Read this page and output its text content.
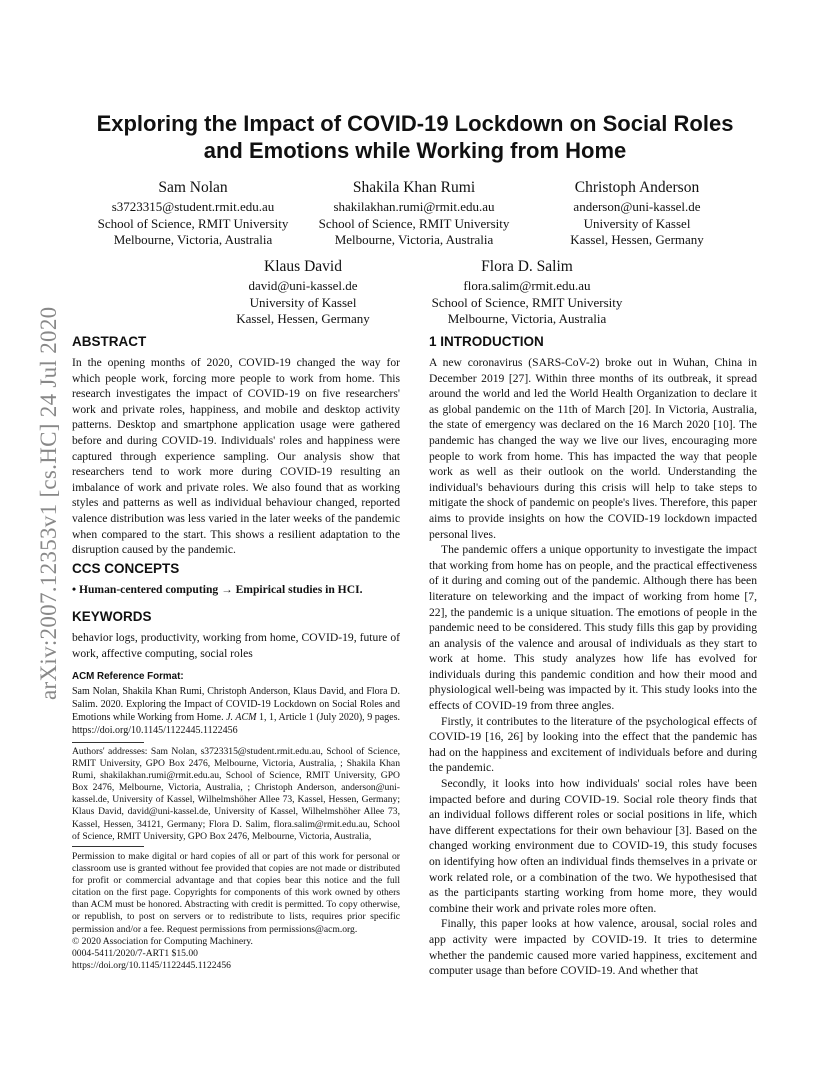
arXiv:2007.12353v1 [cs.HC] 24 Jul 2020
Exploring the Impact of COVID-19 Lockdown on Social Roles
and Emotions while Working from Home
Sam Nolan
s3723315@student.rmit.edu.au
School of Science, RMIT University
Melbourne, Victoria, Australia
Shakila Khan Rumi
shakilakhan.rumi@rmit.edu.au
School of Science, RMIT University
Melbourne, Victoria, Australia
Christoph Anderson
anderson@uni-kassel.de
University of Kassel
Kassel, Hessen, Germany
Klaus David
david@uni-kassel.de
University of Kassel
Kassel, Hessen, Germany
Flora D. Salim
flora.salim@rmit.edu.au
School of Science, RMIT University
Melbourne, Victoria, Australia
ABSTRACT

In the opening months of 2020, COVID-19 changed the way for which people work, forcing more people to work from home. This research investigates the impact of COVID-19 on five researchers' work and private roles, happiness, and mobile and desktop activity patterns. Desktop and smartphone application usage were gathered before and during COVID-19. Individuals' roles and happiness were captured through experience sampling. Our analysis show that researchers tend to work more during COVID-19 resulting an imbalance of work and private roles. We also found that as working styles and patterns as well as individual behaviour changed, reported valence distribution was less varied in the later weeks of the pandemic when compared to the start. This shows a resilient adaptation to the disruption caused by the pandemic.

CCS CONCEPTS

• Human-centered computing → Empirical studies in HCI.

KEYWORDS

behavior logs, productivity, working from home, COVID-19, future of work, affective computing, social roles

ACM Reference Format:
Sam Nolan, Shakila Khan Rumi, Christoph Anderson, Klaus David, and Flora D. Salim. 2020. Exploring the Impact of COVID-19 Lockdown on Social Roles and Emotions while Working from Home. J. ACM 1, 1, Article 1 (July 2020), 9 pages. https://doi.org/10.1145/1122445.1122456
Authors' addresses: Sam Nolan, s3723315@student.rmit.edu.au, School of Science, RMIT University, GPO Box 2476, Melbourne, Victoria, Australia, ; Shakila Khan Rumi, shakilakhan.rumi@rmit.edu.au, School of Science, RMIT University, GPO Box 2476, Melbourne, Victoria, Australia, ; Christoph Anderson, anderson@uni-kassel.de, University of Kassel, Wilhelmshöher Allee 73, Kassel, Hessen, Germany; Klaus David, david@uni-kassel.de, University of Kassel, Wilhelmshöher Allee 73, Kassel, Hessen, 34121, Germany; Flora D. Salim, flora.salim@rmit.edu.au, School of Science, RMIT University, GPO Box 2476, Melbourne, Victoria, Australia,
Permission to make digital or hard copies of all or part of this work for personal or classroom use is granted without fee provided that copies are not made or distributed for profit or commercial advantage and that copies bear this notice and the full citation on the first page. Copyrights for components of this work owned by others than ACM must be honored. Abstracting with credit is permitted. To copy otherwise, or republish, to post on servers or to redistribute to lists, requires prior specific permission and/or a fee. Request permissions from permissions@acm.org.
© 2020 Association for Computing Machinery.
0004-5411/2020/7-ART1 $15.00
https://doi.org/10.1145/1122445.1122456
1 INTRODUCTION

A new coronavirus (SARS-CoV-2) broke out in Wuhan, China in December 2019 [27]. Within three months of its outbreak, it spread around the world and led the World Health Organization to declare it as global pandemic on the 11th of March [20]. In Victoria, Australia, the state of emergency was declared on the 16 March 2020 [10]. The pandemic has changed the way we live our lives, encouraging more people to work from home. This has impacted the way that people work as well as their outlook on the world. Understanding the individual's behaviours during this crisis will help to take steps to mitigate the shock of pandemic on people's lives. Therefore, this paper aims to provide insights on how the COVID-19 lockdown impacted personal lives.

The pandemic offers a unique opportunity to investigate the impact that working from home has on people, and the practical effectiveness of it during and coming out of the pandemic. Although there has been literature on teleworking and the impact of working from home [7, 22], the pandemic is a unique situation. The emotions of people in the pandemic need to be considered. This study fills this gap by providing an analysis of the valence and arousal of individuals as they start to work at home. This study analyzes how life has evolved for individuals during this pandemic condition and how their mood and physiological well-being was impacted by it. This study looks into the effects of COVID-19 from three angles.

Firstly, it contributes to the literature of the psychological effects of COVID-19 [16, 26] by looking into the effect that the pandemic has had on the happiness and excitement of individuals before and during the pandemic.

Secondly, it looks into how individuals' social roles have been impacted before and during COVID-19. Social role theory finds that an individual follows different roles or social positions in life, which have different expectations for their own behaviour [3]. Based on the changed working environment due to COVID-19, this study focuses on identifying how often an individual finds themselves in a private or work related role, or a combination of the two. We hypothesised that as the participants starting working from home more, they would combine their work and private roles more often.

Finally, this paper looks at how valence, arousal, social roles and app activity were impacted by COVID-19. It tries to determine whether the pandemic caused more varied happiness, excitement and computer usage than before COVID-19. And whether that
